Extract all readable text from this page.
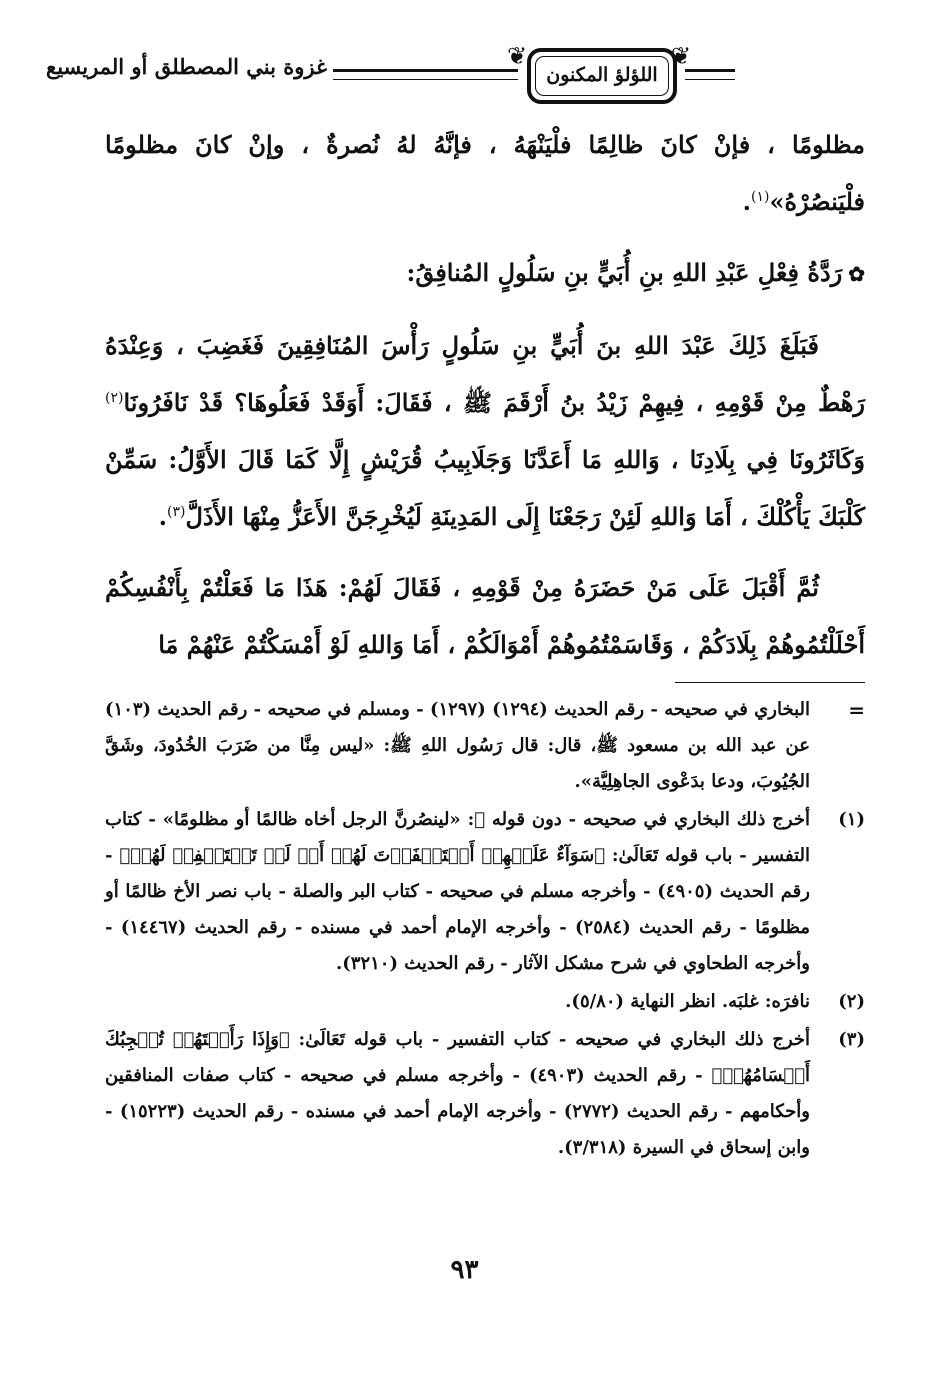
غزوة بني المصطلق أو المريسيع	❦
اللؤلؤ المكنون
❦

مظلومًا ، فإنْ كانَ ظالِمًا فلْيَنْهَهُ ، فإنَّهُ لهُ نُصرةٌ ، وإنْ كانَ مظلومًا فلْيَنصُرْهُ»$^{(١)}$.

✿رَدَّةُ فِعْلِ عَبْدِ اللهِ بنِ أُبَيٍّ بنِ سَلُولٍ المُنافِقُ:

فَبَلَغَ ذَلِكَ عَبْدَ اللهِ بنَ أُبَيٍّ بنِ سَلُولٍ رَأْسَ المُنَافِقِينَ فَغَضِبَ ، وَعِنْدَهُ رَهْطٌ مِنْ قَوْمِهِ ، فِيهِمْ زَيْدُ بنُ أَرْقَمَ ﷺ ، فَقَالَ: أَوَقَدْ فَعَلُوهَا؟ قَدْ نَافَرُونَا$^{(٢)}$ وَكَاثَرُونَا فِي بِلَادِنَا ، وَاللهِ مَا أَعَدَّنَا وَجَلَابِيبُ قُرَيْشٍ إِلَّا كَمَا قَالَ الأَوَّلُ: سَمِّنْ كَلْبَكَ يَأْكُلْكَ ، أَمَا وَاللهِ لَئِنْ رَجَعْنَا إِلَى المَدِينَةِ لَيُخْرِجَنَّ الأَعَزُّ مِنْهَا الأَذَلَّ$^{(٣)}$.

ثُمَّ أَقْبَلَ عَلَى مَنْ حَضَرَهُ مِنْ قَوْمِهِ ، فَقَالَ لَهُمْ: هَذَا مَا فَعَلْتُمْ بِأَنْفُسِكُمْ أَحْلَلْتُمُوهُمْ بِلَادَكُمْ ، وَقَاسَمْتُمُوهُمْ أَمْوَالَكُمْ ، أَمَا وَاللهِ لَوْ أَمْسَكْتُمْ عَنْهُمْ مَا

=
البخاري في صحيحه - رقم الحديث (١٢٩٤) (١٢٩٧) - ومسلم في صحيحه - رقم الحديث (١٠٣) عن عبد الله بن مسعود ﷺ، قال: قال رَسُول اللهِ ﷺ: «ليس مِنَّا من ضَرَبَ الخُدُودَ، وشَقَّ الجُيُوبَ، ودعا بدَعْوى الجاهِلِيَّة».
(١)
أخرج ذلك البخاري في صحيحه - دون قوله ﷺ: «لينصُرنَّ الرجل أخاه ظالمًا أو مظلومًا» - كتاب التفسير - باب قوله تَعَالَىٰ: ﴿سَوَآءٌ عَلَيۡهِمۡ أَسۡتَغۡفَرۡتَ لَهُمۡ أَمۡ لَمۡ تَسۡتَغۡفِرۡ لَهُمۡ﴾ - رقم الحديث (٤٩٠٥) - وأخرجه مسلم في صحيحه - كتاب البر والصلة - باب نصر الأخ ظالمًا أو مظلومًا - رقم الحديث (٢٥٨٤) - وأخرجه الإمام أحمد في مسنده - رقم الحديث (١٤٤٦٧) - وأخرجه الطحاوي في شرح مشكل الآثار - رقم الحديث (٣٢١٠).
(٢)
نافرَه: غلبَه. انظر النهاية (٥/٨٠).
(٣)
أخرج ذلك البخاري في صحيحه - كتاب التفسير - باب قوله تَعَالَىٰ: ﴿وَإِذَا رَأَيۡتَهُمۡ تُعۡجِبُكَ أَجۡسَامُهُمۡ﴾ - رقم الحديث (٤٩٠٣) - وأخرجه مسلم في صحيحه - كتاب صفات المنافقين وأحكامهم - رقم الحديث (٢٧٧٢) - وأخرجه الإمام أحمد في مسنده - رقم الحديث (١٥٢٢٣) - وابن إسحاق في السيرة (٣/٣١٨).
٩٣
